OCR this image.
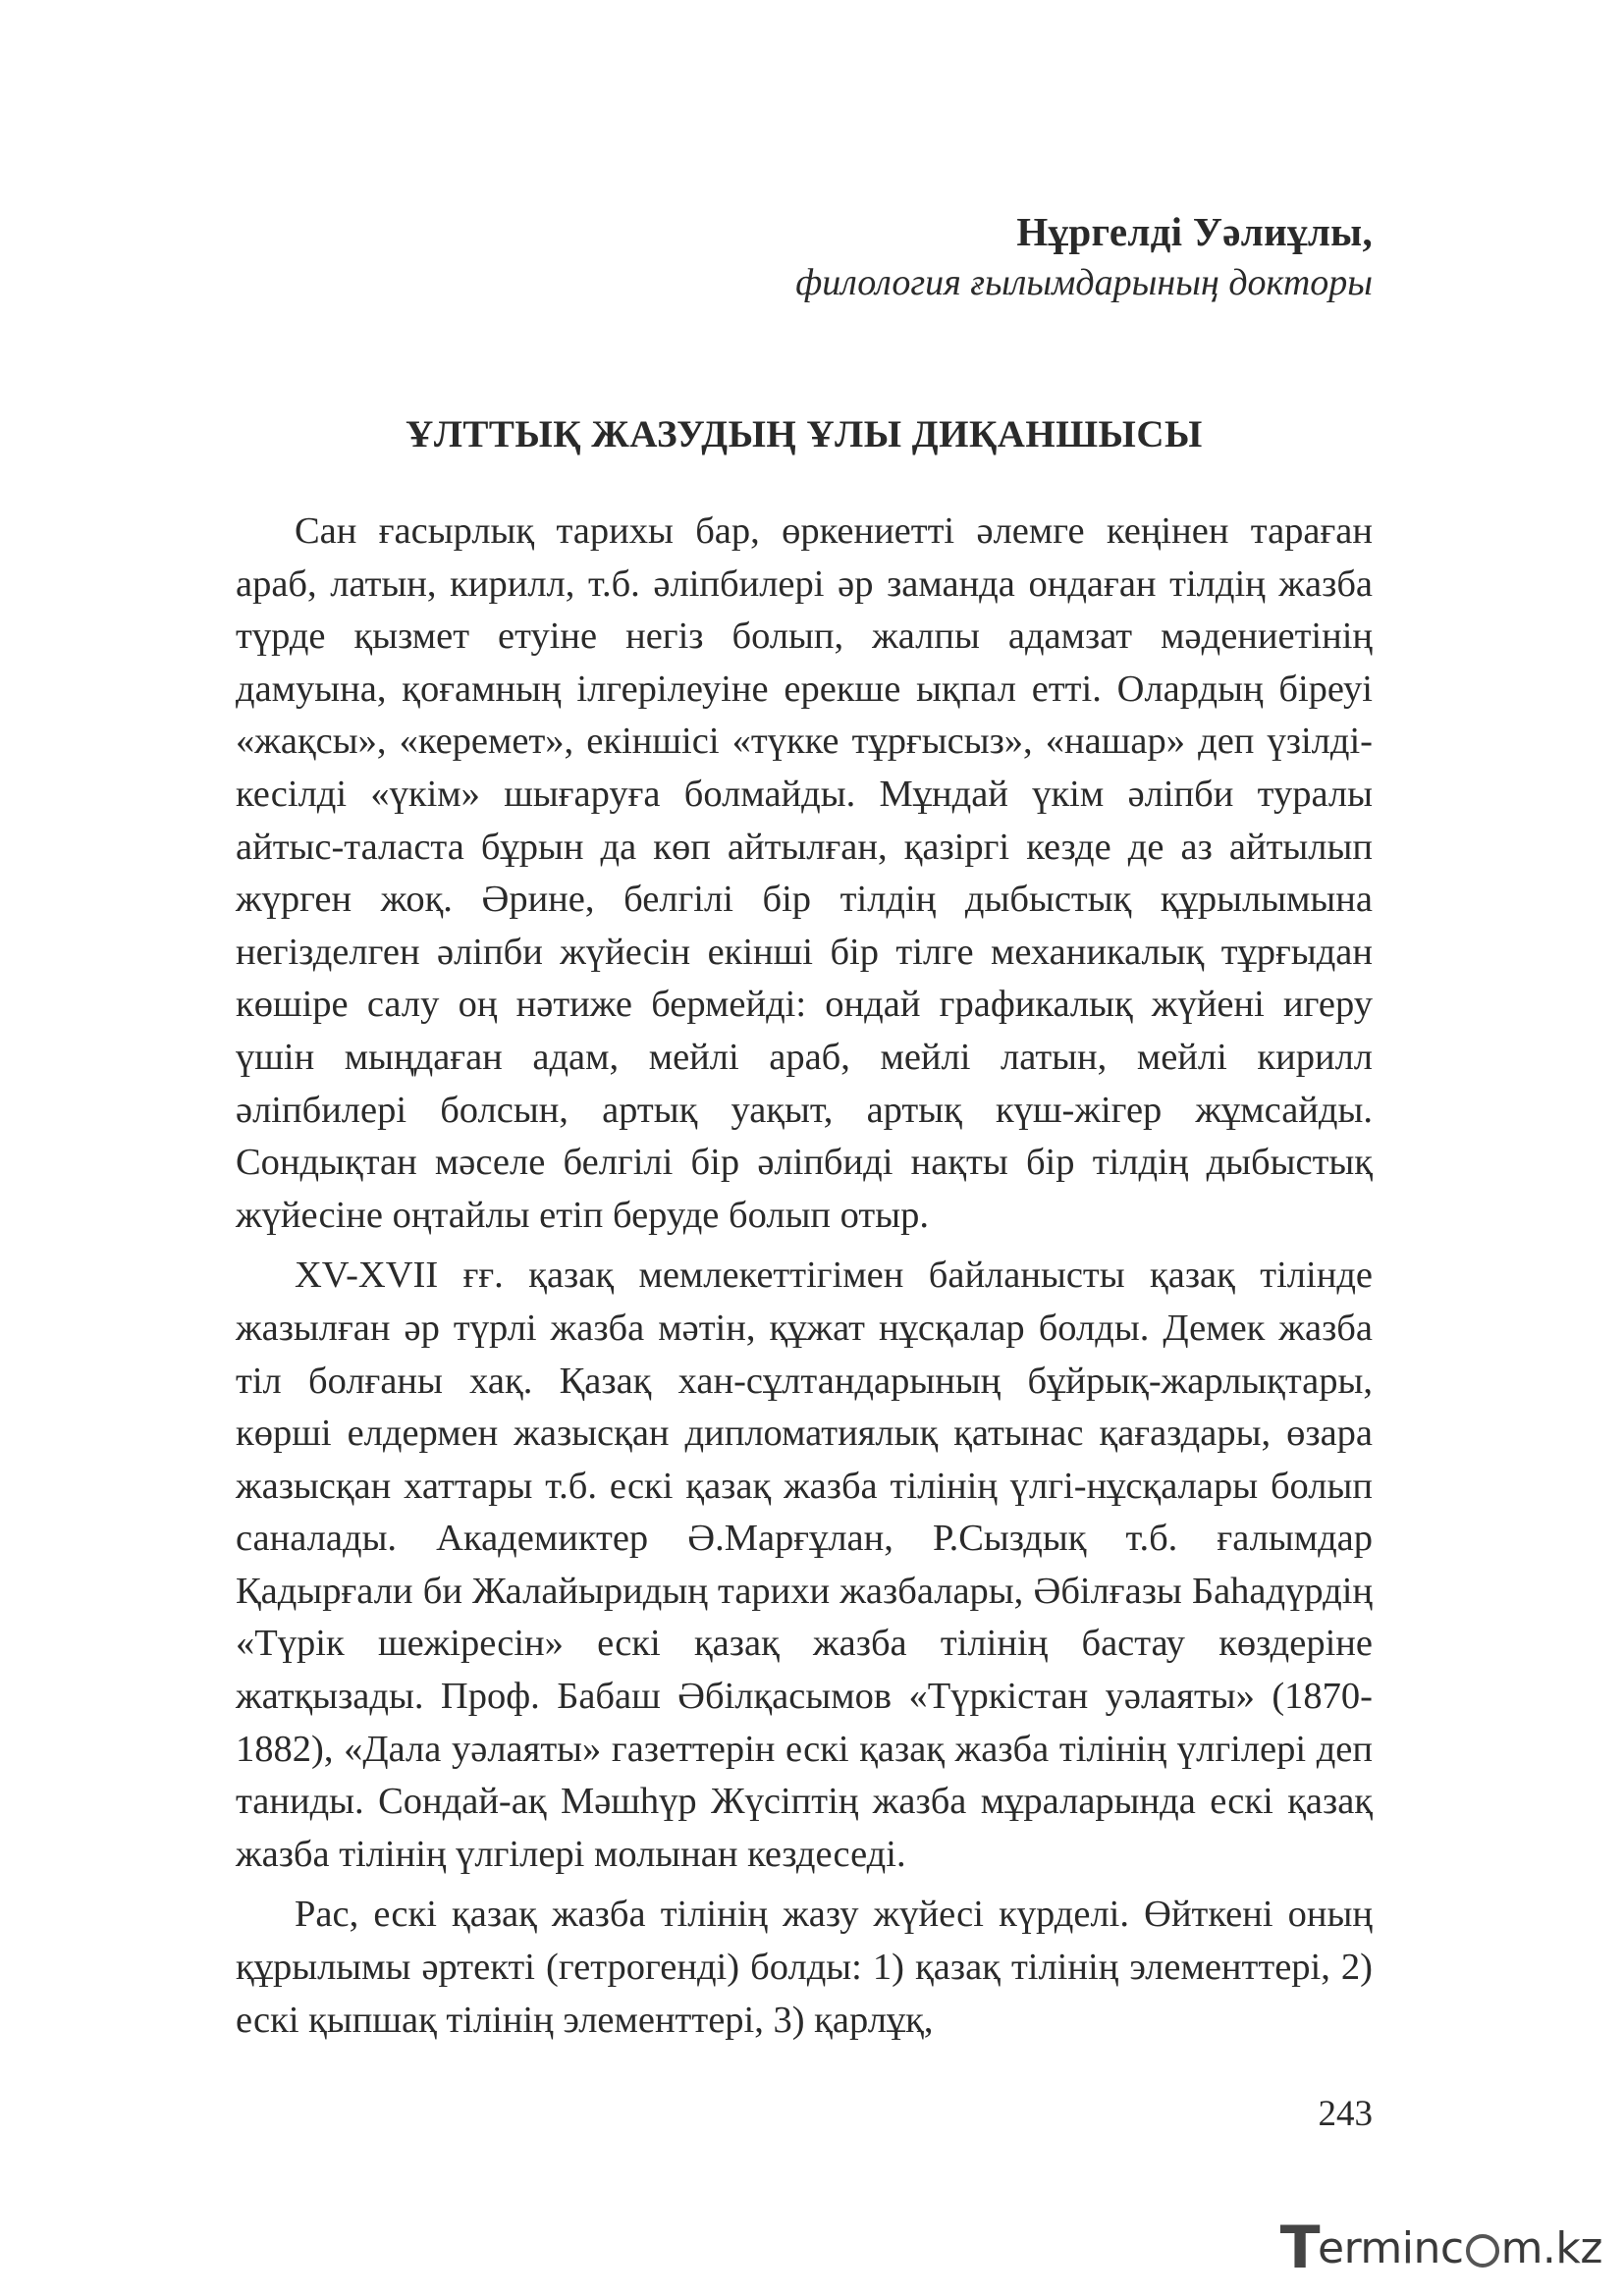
Нұргелді Уәлиұлы,
филология ғылымдарының докторы
ҰЛТТЫҚ ЖАЗУДЫҢ ҰЛЫ ДИҚАНШЫСЫ

Сан ғасырлық тарихы бар, өркениетті әлемге кеңінен тараған араб, латын, кирилл, т.б. әліпбилері әр заманда ондаған тілдің жазба түрде қызмет етуіне негіз болып, жалпы адамзат мәдениетінің дамуына, қоғамның ілгерілеуіне ерекше ықпал етті. Олардың біреуі «жақсы», «керемет», екіншісі «түкке тұрғысыз», «нашар» деп үзілді-кесілді «үкім» шығаруға болмайды. Мұндай үкім әліпби туралы айтыс-таласта бұрын да көп айтылған, қазіргі кезде де аз айтылып жүрген жоқ. Әрине, белгілі бір тілдің дыбыстық құрылымына негізделген әліпби жүйесін екінші бір тілге механикалық тұрғыдан көшіре салу оң нәтиже бермейді: ондай графикалық жүйені игеру үшін мыңдаған адам, мейлі араб, мейлі латын, мейлі кирилл әліпбилері болсын, артық уақыт, артық күш-жігер жұмсайды. Сондықтан мәселе белгілі бір әліпбиді нақты бір тілдің дыбыстық жүйесіне оңтайлы етіп беруде болып отыр.

XV-XVII ғғ. қазақ мемлекеттігімен байланысты қазақ тілінде жазылған әр түрлі жазба мәтін, құжат нұсқалар болды. Демек жазба тіл болғаны хақ. Қазақ хан-сұлтандарының бұйрық-жарлықтары, көрші елдермен жазысқан дипломатиялық қатынас қағаздары, өзара жазысқан хаттары т.б. ескі қазақ жазба тілінің үлгі-нұсқалары болып саналады. Академиктер Ә.Марғұлан, Р.Сыздық т.б. ғалымдар Қадырғали би Жалайыридың тарихи жазбалары, Әбілғазы Баһадүрдің «Түрік шежіресін» ескі қазақ жазба тілінің бастау көздеріне жатқызады. Проф. Бабаш Әбілқасымов «Түркістан уәлаяты» (1870-1882), «Дала уәлаяты» газеттерін ескі қазақ жазба тілінің үлгілері деп таниды. Сондай-ақ Мәшһүр Жүсіптің жазба мұраларында ескі қазақ жазба тілінің үлгілері молынан кездеседі.

Рас, ескі қазақ жазба тілінің жазу жүйесі күрделі. Өйткені оның құрылымы әртекті (гетрогенді) болды: 1) қазақ тілінің элементтері, 2) ескі қыпшақ тілінің элементтері, 3) қарлұқ,

243
T
erminc m.kz
